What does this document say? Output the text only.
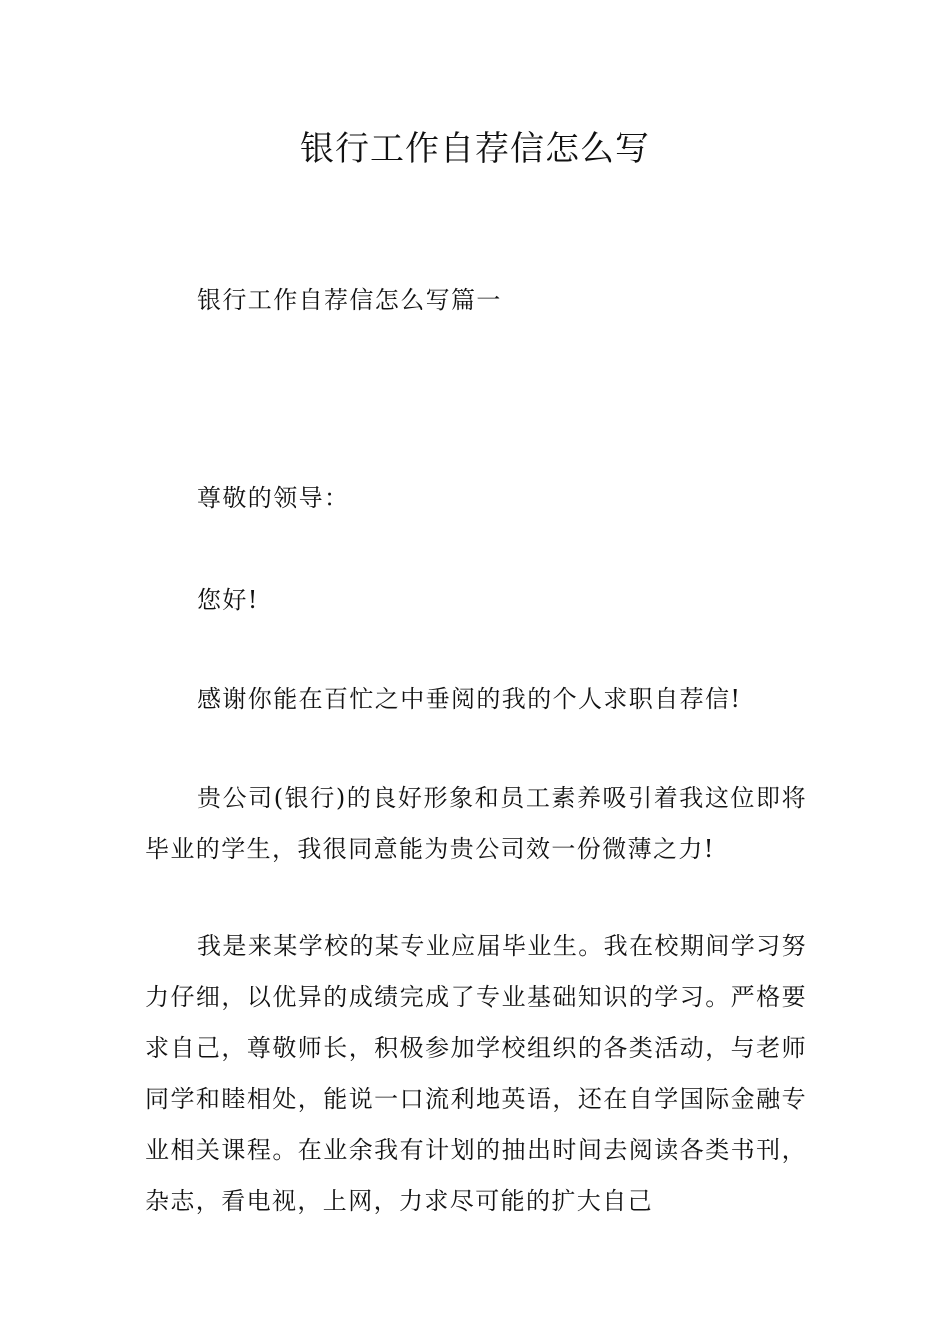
银行工作自荐信怎么写

银行工作自荐信怎么写篇一

尊敬的领导：

您好!

感谢你能在百忙之中垂阅的我的个人求职自荐信!

贵公司(银行)的良好形象和员工素养吸引着我这位即将毕业的学生，我很同意能为贵公司效一份微薄之力!

我是来某学校的某专业应届毕业生。我在校期间学习努力仔细，以优异的成绩完成了专业基础知识的学习。严格要求自己，尊敬师长，积极参加学校组织的各类活动，与老师同学和睦相处，能说一口流利地英语，还在自学国际金融专业相关课程。在业余我有计划的抽出时间去阅读各类书刊，杂志，看电视，上网，力求尽可能的扩大自己
